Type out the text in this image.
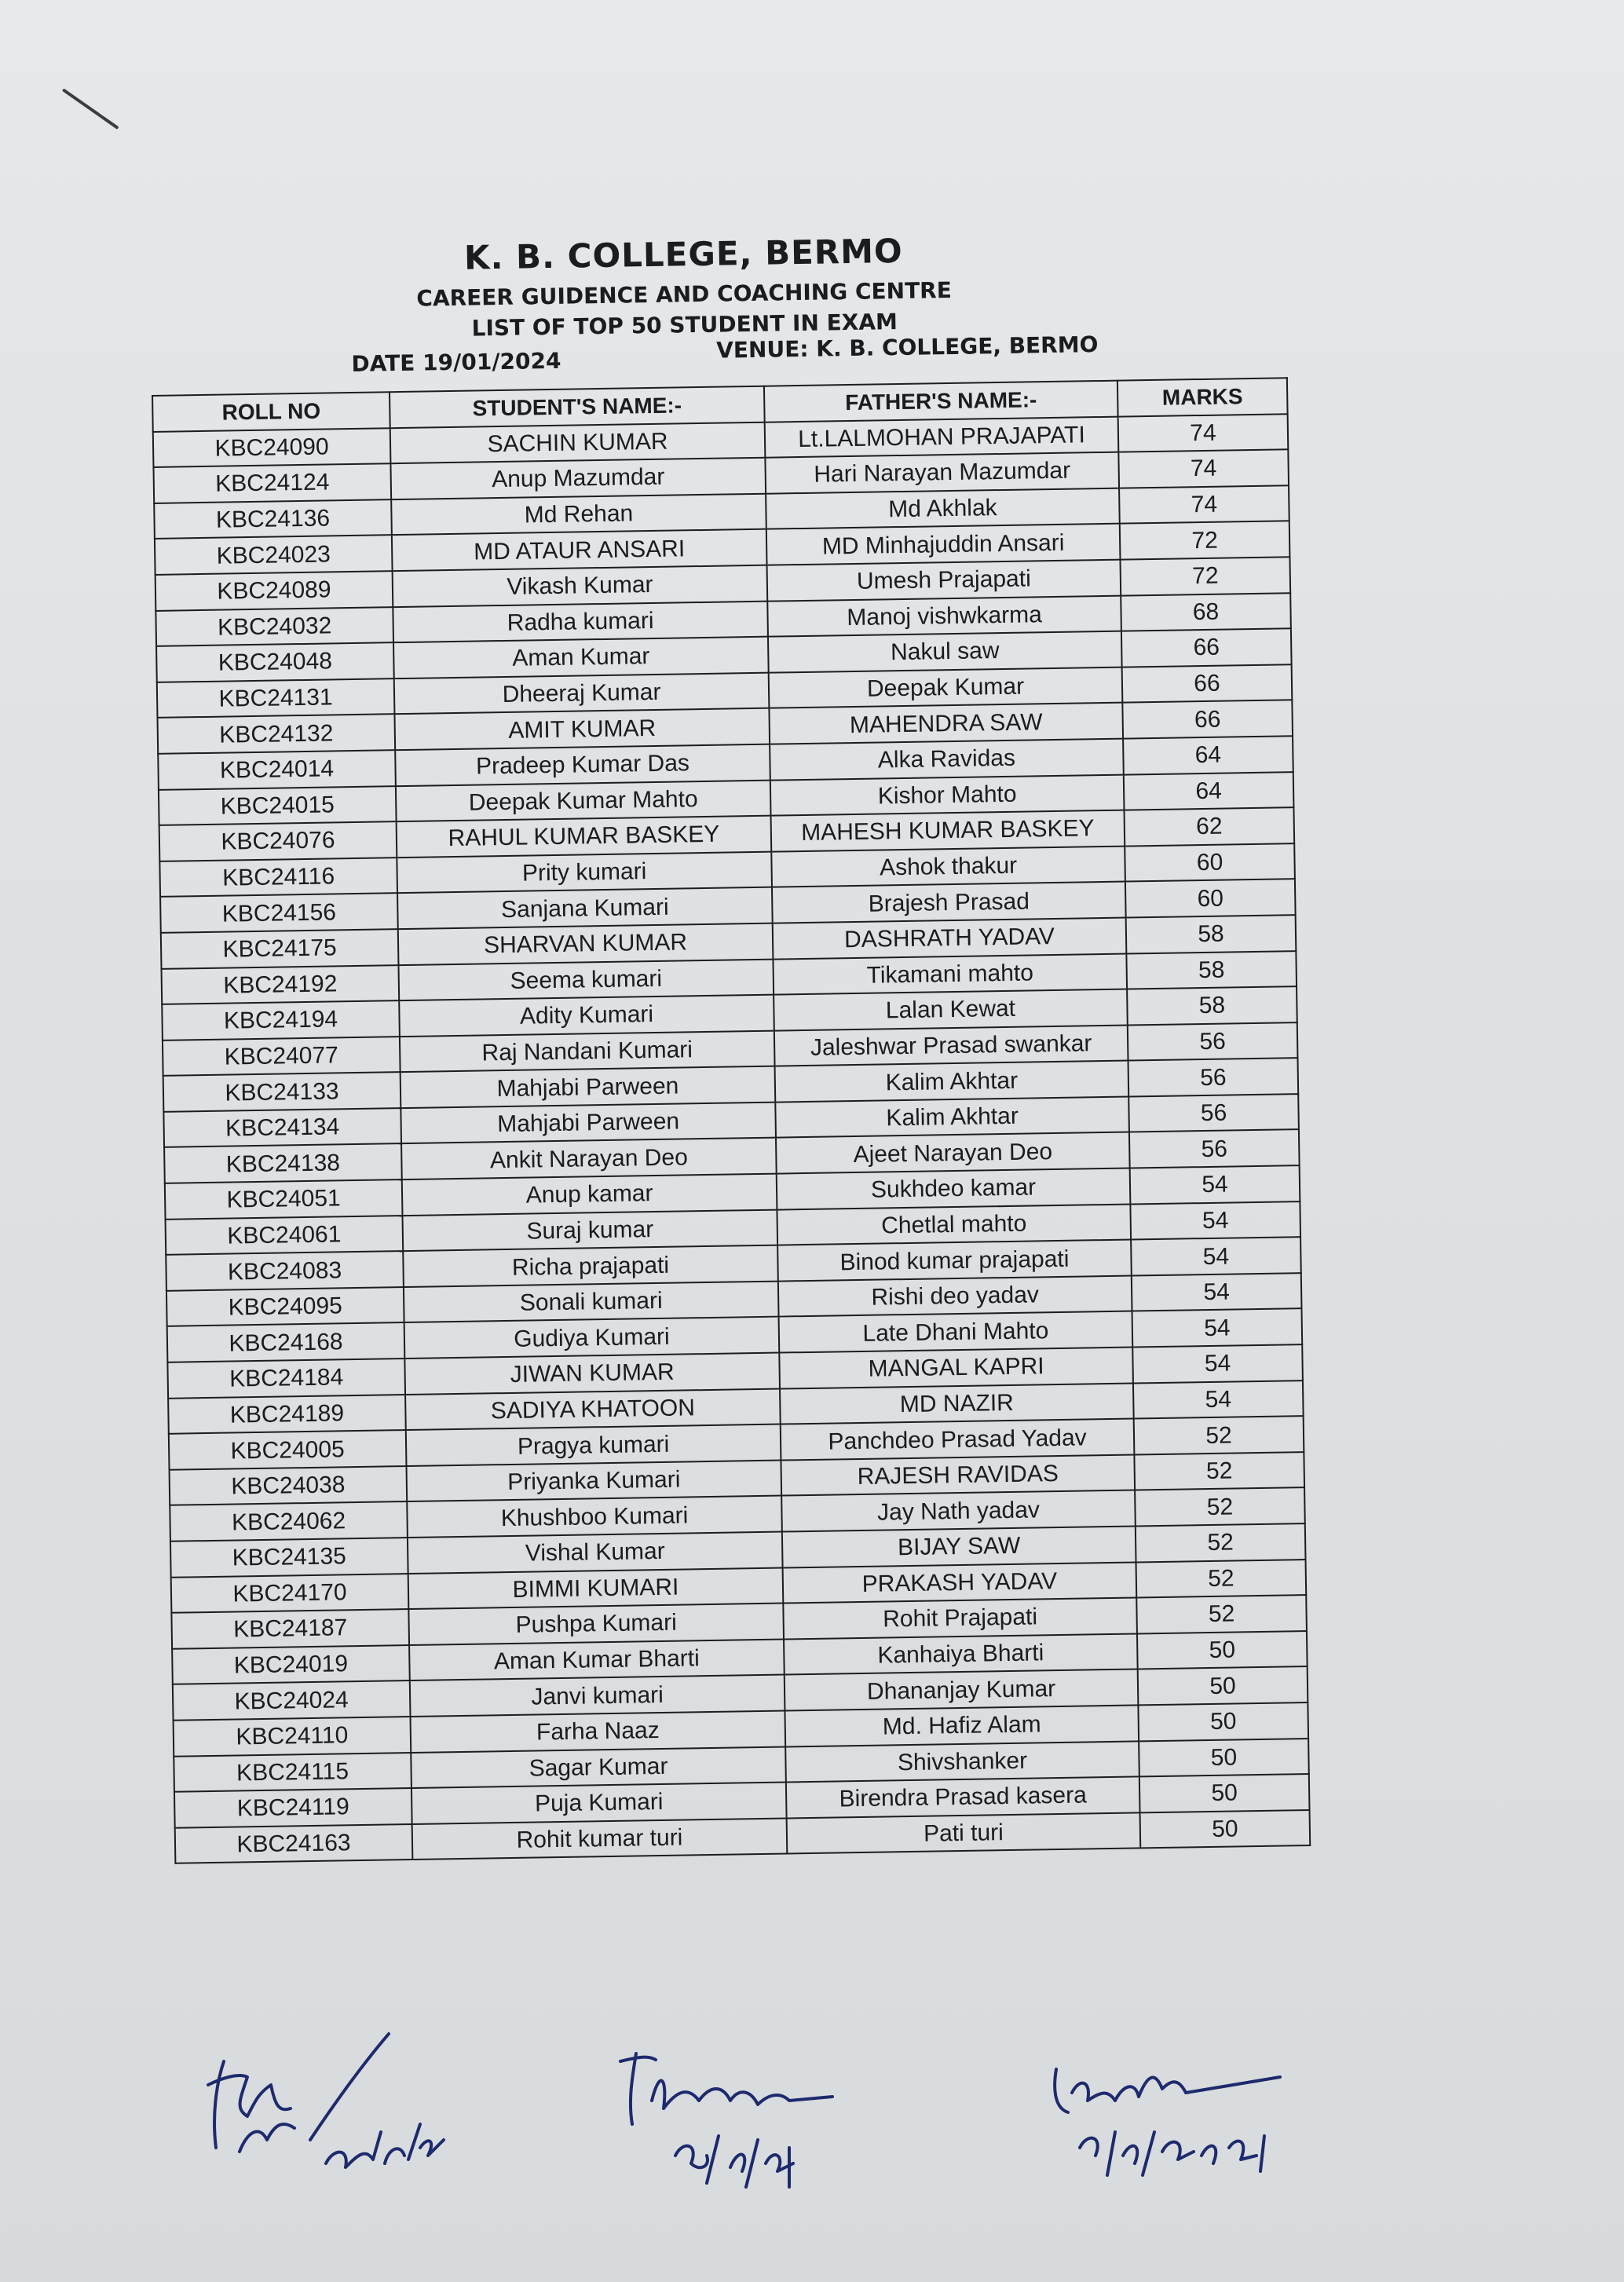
K. B. COLLEGE, BERMO
CAREER GUIDENCE AND COACHING CENTRE
LIST OF TOP 50 STUDENT IN EXAM
DATE 19/01/2024	VENUE: K. B. COLLEGE, BERMO
ROLL NO	STUDENT'S NAME:-	FATHER'S NAME:-	MARKS
KBC24090	SACHIN KUMAR	Lt.LALMOHAN PRAJAPATI	74
KBC24124	Anup Mazumdar	Hari Narayan Mazumdar	74
KBC24136	Md Rehan	Md Akhlak	74
KBC24023	MD ATAUR ANSARI	MD Minhajuddin Ansari	72
KBC24089	Vikash Kumar	Umesh Prajapati	72
KBC24032	Radha kumari	Manoj vishwkarma	68
KBC24048	Aman Kumar	Nakul saw	66
KBC24131	Dheeraj Kumar	Deepak Kumar	66
KBC24132	AMIT KUMAR	MAHENDRA SAW	66
KBC24014	Pradeep Kumar Das	Alka Ravidas	64
KBC24015	Deepak Kumar Mahto	Kishor Mahto	64
KBC24076	RAHUL KUMAR BASKEY	MAHESH KUMAR BASKEY	62
KBC24116	Prity kumari	Ashok thakur	60
KBC24156	Sanjana Kumari	Brajesh Prasad	60
KBC24175	SHARVAN KUMAR	DASHRATH YADAV	58
KBC24192	Seema kumari	Tikamani mahto	58
KBC24194	Adity Kumari	Lalan Kewat	58
KBC24077	Raj Nandani Kumari	Jaleshwar Prasad swankar	56
KBC24133	Mahjabi Parween	Kalim Akhtar	56
KBC24134	Mahjabi Parween	Kalim Akhtar	56
KBC24138	Ankit Narayan Deo	Ajeet Narayan Deo	56
KBC24051	Anup kamar	Sukhdeo kamar	54
KBC24061	Suraj kumar	Chetlal mahto	54
KBC24083	Richa prajapati	Binod kumar prajapati	54
KBC24095	Sonali kumari	Rishi deo yadav	54
KBC24168	Gudiya Kumari	Late Dhani Mahto	54
KBC24184	JIWAN KUMAR	MANGAL KAPRI	54
KBC24189	SADIYA KHATOON	MD NAZIR	54
KBC24005	Pragya kumari	Panchdeo Prasad Yadav	52
KBC24038	Priyanka Kumari	RAJESH RAVIDAS	52
KBC24062	Khushboo Kumari	Jay Nath yadav	52
KBC24135	Vishal Kumar	BIJAY SAW	52
KBC24170	BIMMI KUMARI	PRAKASH YADAV	52
KBC24187	Pushpa Kumari	Rohit Prajapati	52
KBC24019	Aman Kumar Bharti	Kanhaiya Bharti	50
KBC24024	Janvi kumari	Dhananjay Kumar	50
KBC24110	Farha Naaz	Md. Hafiz Alam	50
KBC24115	Sagar Kumar	Shivshanker	50
KBC24119	Puja Kumari	Birendra Prasad kasera	50
KBC24163	Rohit kumar turi	Pati turi	50
